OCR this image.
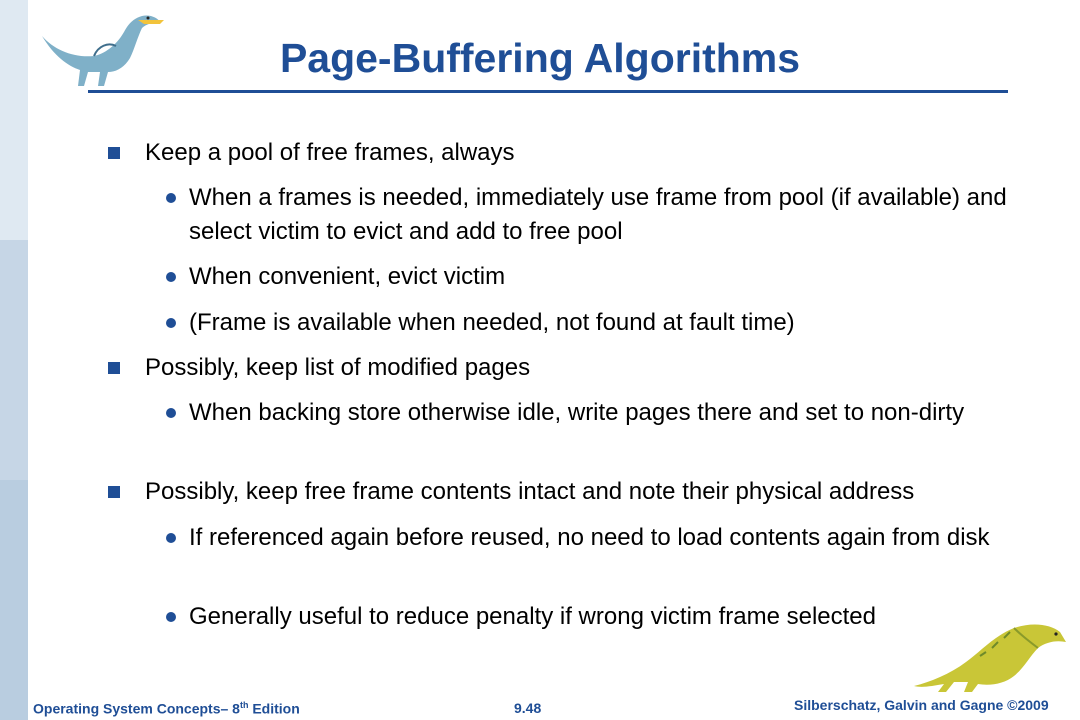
Page-Buffering Algorithms
Keep a pool of free frames, always
When a frames is needed, immediately use frame from pool (if available) and select victim to evict and add to free pool
When convenient, evict victim
(Frame is available when needed, not found at fault time)
Possibly, keep list of modified pages
When backing store otherwise idle, write pages there and set to non-dirty
Possibly, keep free frame contents intact and note their physical address
If referenced again before reused, no need to load contents again from disk
Generally useful to reduce penalty if wrong victim frame selected
Operating System Concepts– 8th Edition	9.48	Silberschatz, Galvin and Gagne ©2009
